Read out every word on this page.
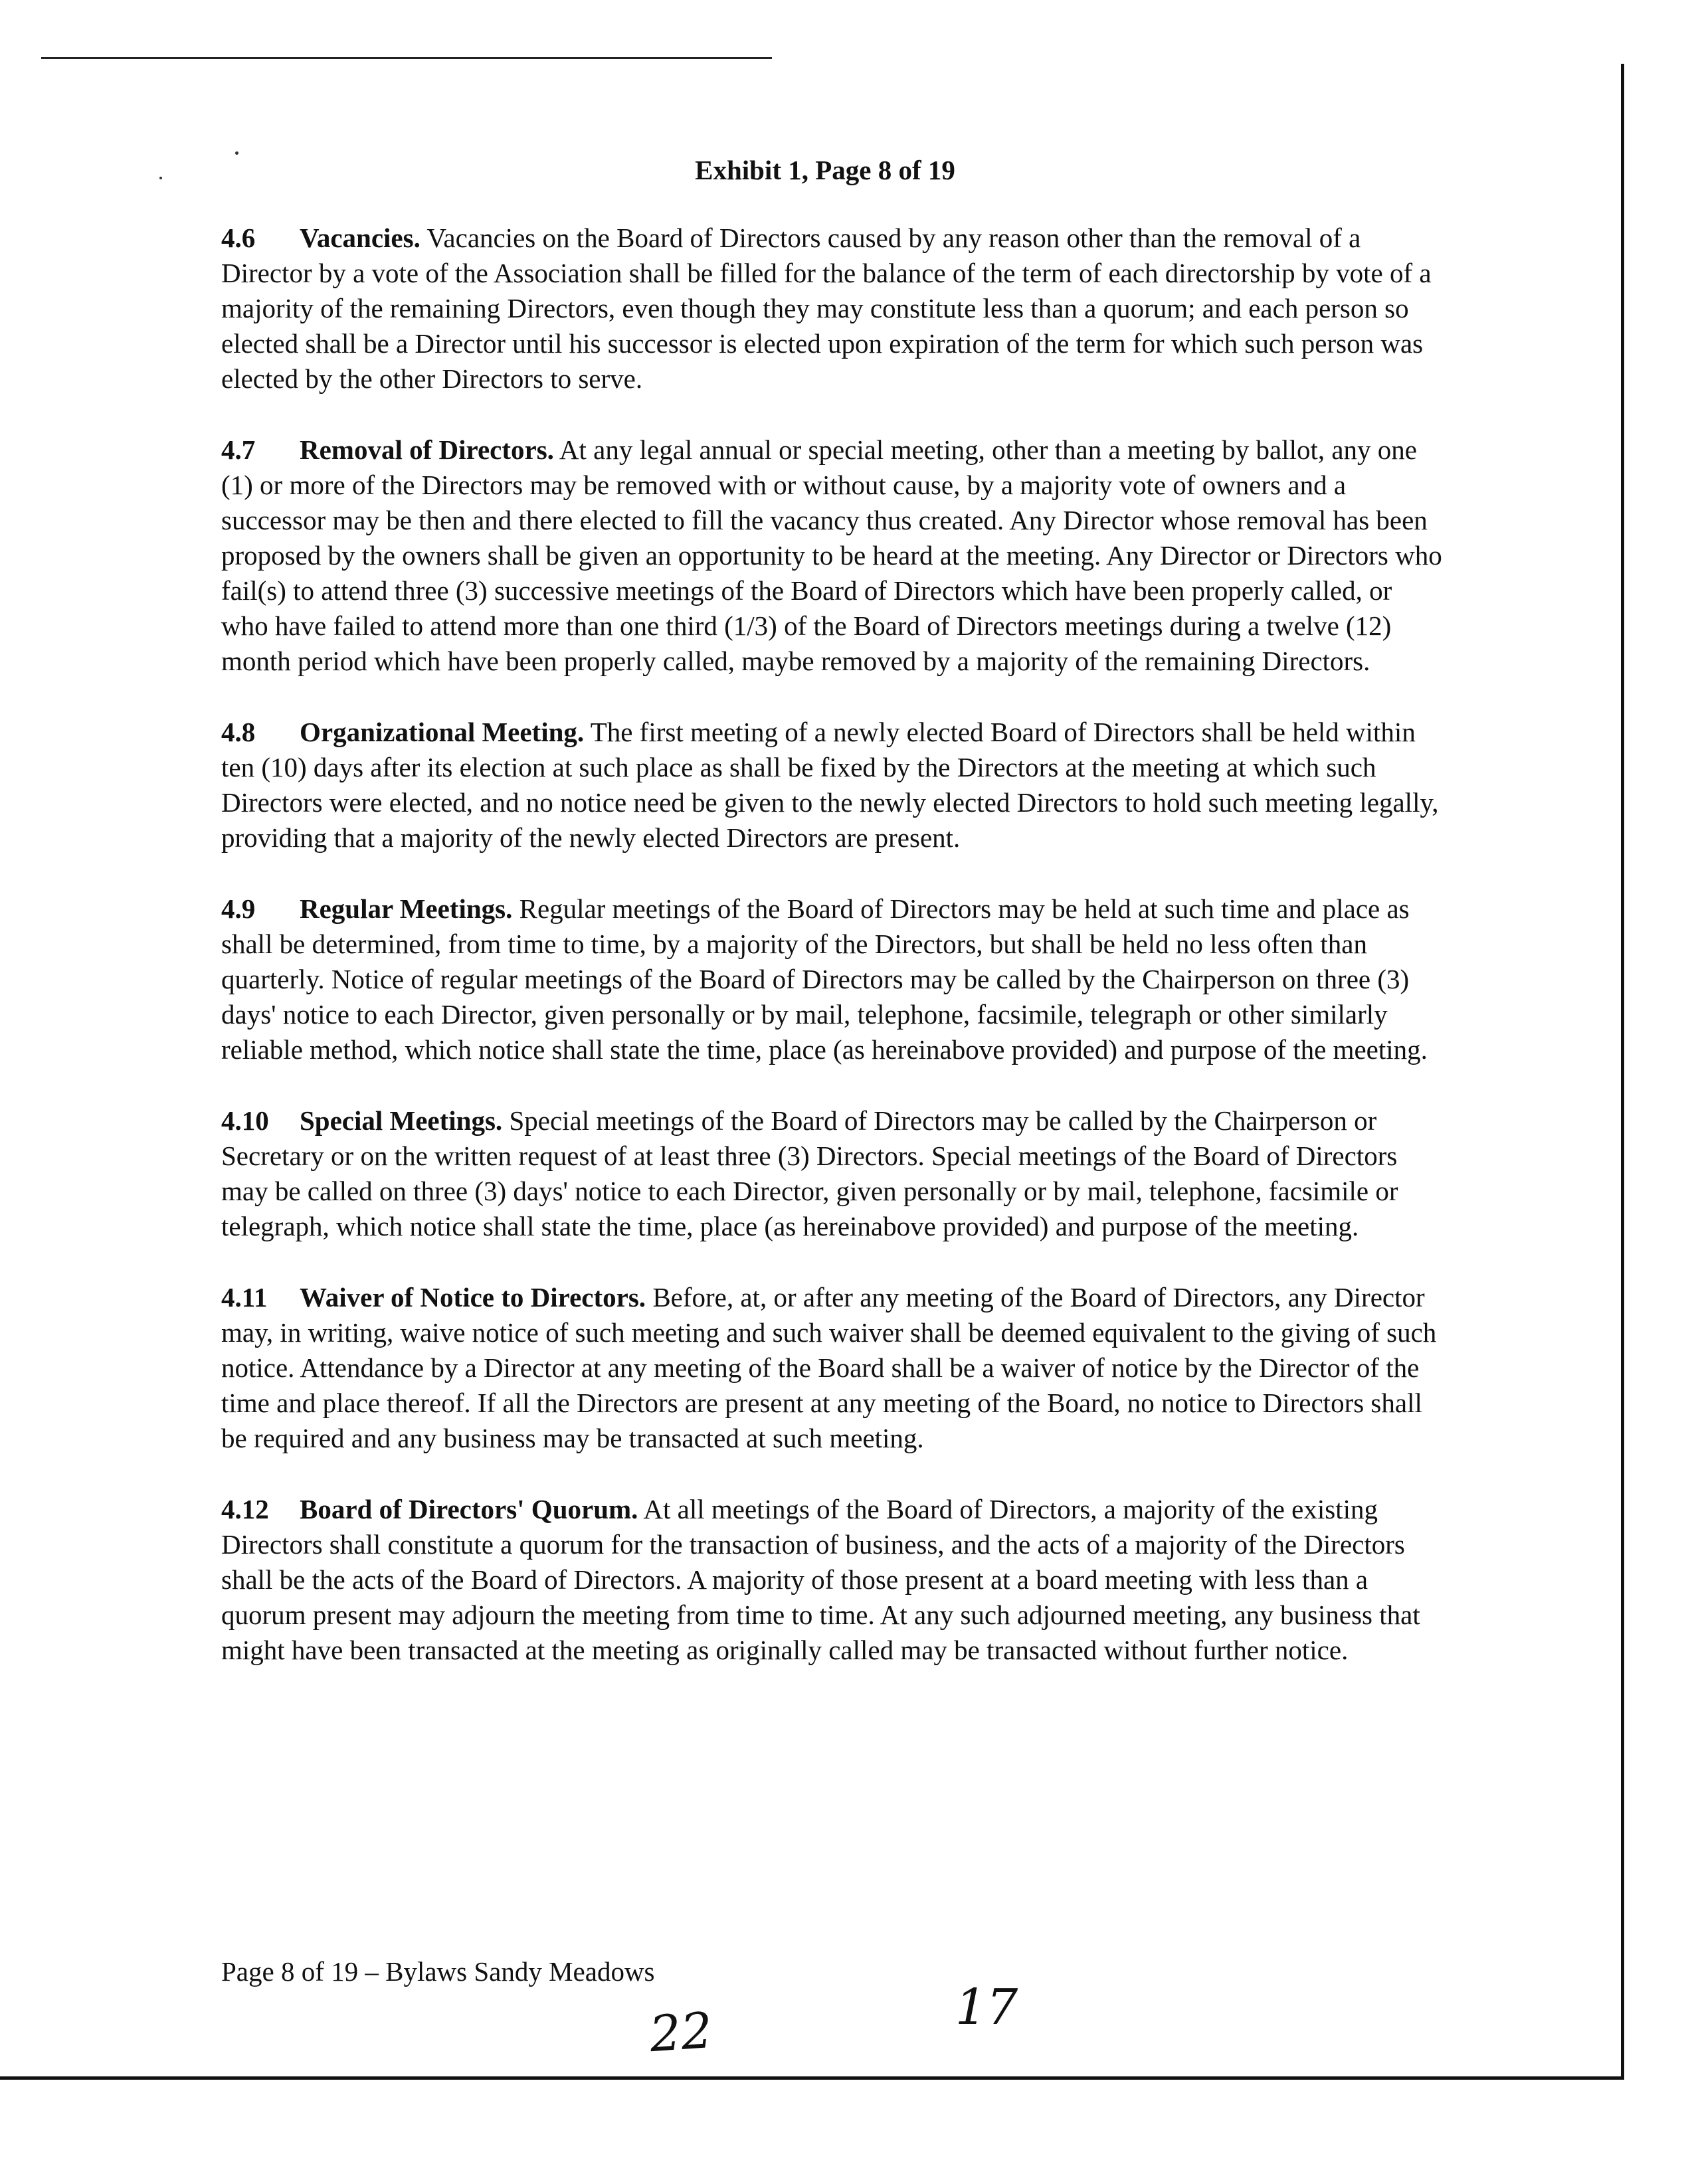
Exhibit 1, Page 8 of 19

4.6 Vacancies. Vacancies on the Board of Directors caused by any reason other than the removal of a Director by a vote of the Association shall be filled for the balance of the term of each directorship by vote of a majority of the remaining Directors, even though they may constitute less than a quorum; and each person so elected shall be a Director until his successor is elected upon expiration of the term for which such person was elected by the other Directors to serve.

4.7 Removal of Directors. At any legal annual or special meeting, other than a meeting by ballot, any one (1) or more of the Directors may be removed with or without cause, by a majority vote of owners and a successor may be then and there elected to fill the vacancy thus created. Any Director whose removal has been proposed by the owners shall be given an opportunity to be heard at the meeting. Any Director or Directors who fail(s) to attend three (3) successive meetings of the Board of Directors which have been properly called, or who have failed to attend more than one third (1/3) of the Board of Directors meetings during a twelve (12) month period which have been properly called, maybe removed by a majority of the remaining Directors.

4.8 Organizational Meeting. The first meeting of a newly elected Board of Directors shall be held within ten (10) days after its election at such place as shall be fixed by the Directors at the meeting at which such Directors were elected, and no notice need be given to the newly elected Directors to hold such meeting legally, providing that a majority of the newly elected Directors are present.

4.9 Regular Meetings. Regular meetings of the Board of Directors may be held at such time and place as shall be determined, from time to time, by a majority of the Directors, but shall be held no less often than quarterly. Notice of regular meetings of the Board of Directors may be called by the Chairperson on three (3) days' notice to each Director, given personally or by mail, telephone, facsimile, telegraph or other similarly reliable method, which notice shall state the time, place (as hereinabove provided) and purpose of the meeting.

4.10 Special Meetings. Special meetings of the Board of Directors may be called by the Chairperson or Secretary or on the written request of at least three (3) Directors. Special meetings of the Board of Directors may be called on three (3) days' notice to each Director, given personally or by mail, telephone, facsimile or telegraph, which notice shall state the time, place (as hereinabove provided) and purpose of the meeting.

4.11 Waiver of Notice to Directors. Before, at, or after any meeting of the Board of Directors, any Director may, in writing, waive notice of such meeting and such waiver shall be deemed equivalent to the giving of such notice. Attendance by a Director at any meeting of the Board shall be a waiver of notice by the Director of the time and place thereof. If all the Directors are present at any meeting of the Board, no notice to Directors shall be required and any business may be transacted at such meeting.

4.12 Board of Directors' Quorum. At all meetings of the Board of Directors, a majority of the existing Directors shall constitute a quorum for the transaction of business, and the acts of a majority of the Directors shall be the acts of the Board of Directors. A majority of those present at a board meeting with less than a quorum present may adjourn the meeting from time to time. At any such adjourned meeting, any business that might have been transacted at the meeting as originally called may be transacted without further notice.

Page 8 of 19 – Bylaws Sandy Meadows
17
22
